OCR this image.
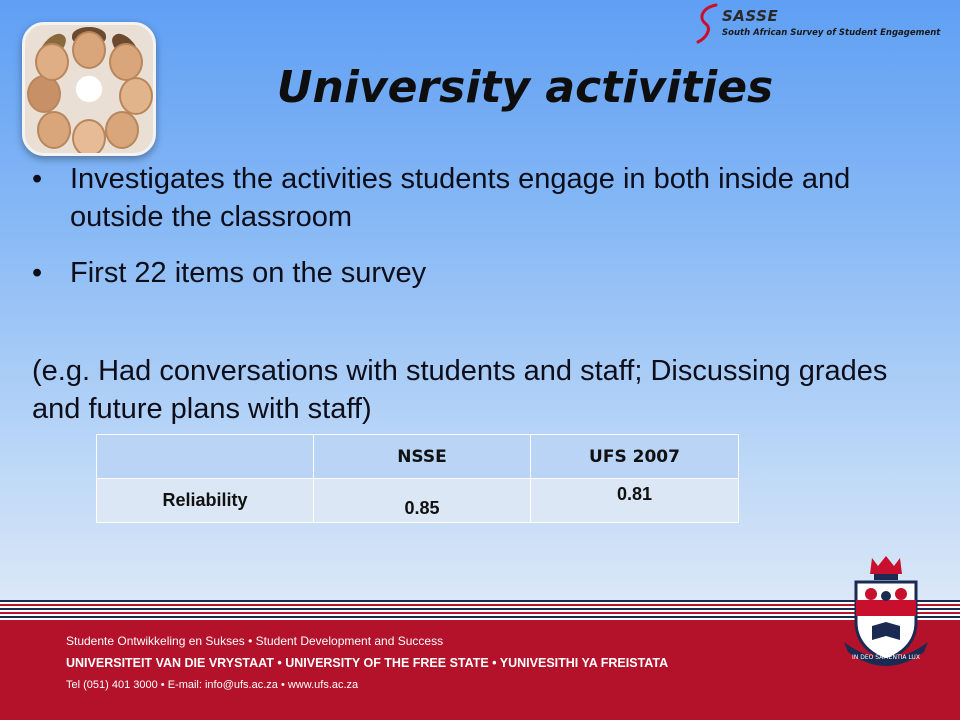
SASSE
South African Survey of Student Engagement
University activities
• Investigates the activities students engage in both inside and outside the classroom
• First 22 items on the survey
(e.g. Had conversations with students and staff; Discussing grades and future plans with staff)
	NSSE	UFS 2007
Reliability	0.85	0.81
Studente Ontwikkeling en Sukses • Student Development and Success
UNIVERSITEIT VAN DIE VRYSTAAT • UNIVERSITY OF THE FREE STATE • YUNIVESITHI YA FREISTATA
Tel (051) 401 3000 • E-mail: info@ufs.ac.za • www.ufs.ac.za
IN DEO SAPIENTIA LUX
